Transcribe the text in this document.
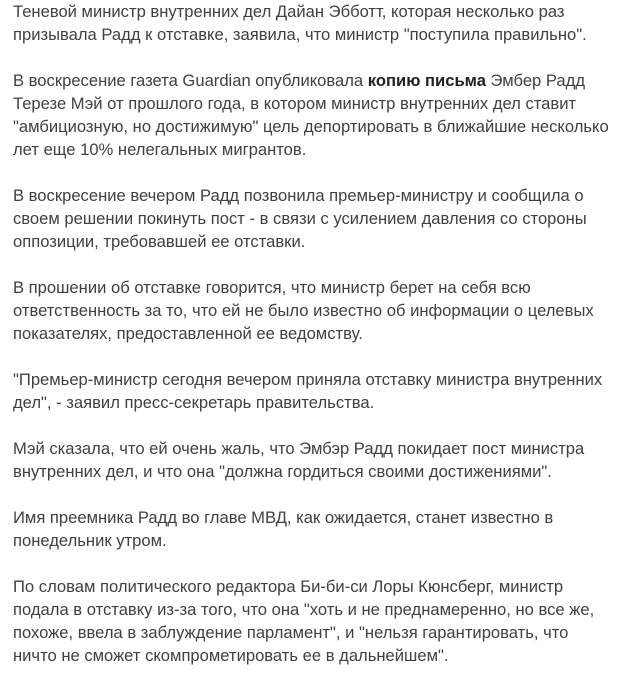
Теневой министр внутренних дел Дайан Эбботт, которая несколько раз призывала Радд к отставке, заявила, что министр "поступила правильно".

В воскресение газета Guardian опубликовала копию письма Эмбер Радд Терезе Мэй от прошлого года, в котором министр внутренних дел ставит "амбициозную, но достижимую" цель депортировать в ближайшие несколько лет еще 10% нелегальных мигрантов.

В воскресение вечером Радд позвонила премьер-министру и сообщила о своем решении покинуть пост - в связи с усилением давления со стороны оппозиции, требовавшей ее отставки.

В прошении об отставке говорится, что министр берет на себя всю ответственность за то, что ей не было известно об информации о целевых показателях, предоставленной ее ведомству.

"Премьер-министр сегодня вечером приняла отставку министра внутренних дел", - заявил пресс-секретарь правительства.

Мэй сказала, что ей очень жаль, что Эмбэр Радд покидает пост министра внутренних дел, и что она "должна гордиться своими достижениями".

Имя преемника Радд во главе МВД, как ожидается, станет известно в понедельник утром.

По словам политического редактора Би-би-си Лоры Кюнсберг, министр подала в отставку из-за того, что она "хоть и не преднамеренно, но все же, похоже, ввела в заблуждение парламент", и "нельзя гарантировать, что ничто не сможет скомпрометировать ее в дальнейшем".
